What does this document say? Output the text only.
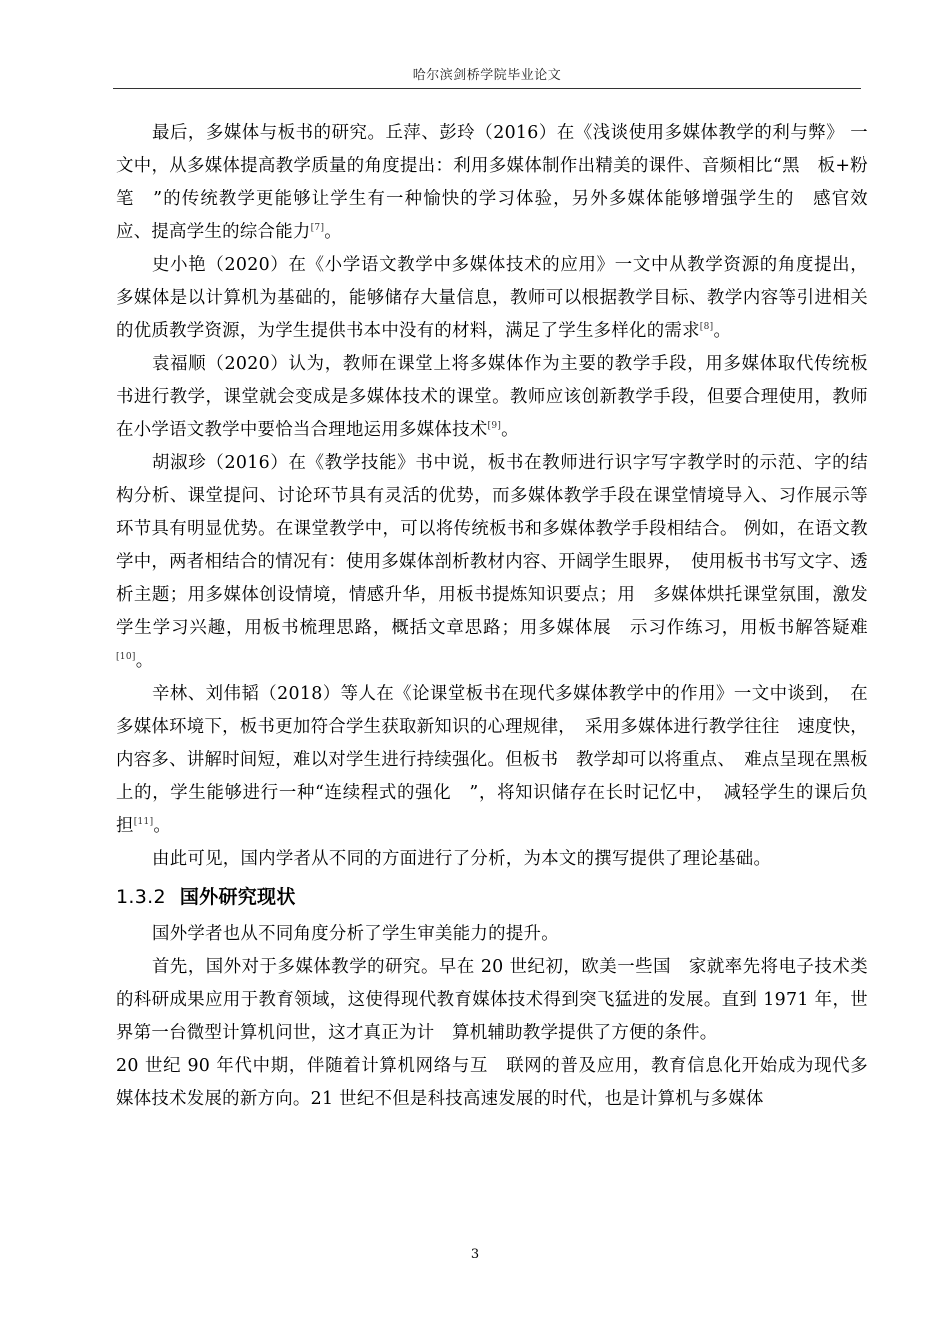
哈尔滨剑桥学院毕业论文

最后，多媒体与板书的研究。丘萍、彭玲（2016）在《浅谈使用多媒体教学的利与弊》 一文中，从多媒体提高教学质量的角度提出：利用多媒体制作出精美的课件、音频相比“黑　板+粉笔　”的传统教学更能够让学生有一种愉快的学习体验，另外多媒体能够增强学生的　感官效应、提高学生的综合能力[7]。

史小艳（2020）在《小学语文教学中多媒体技术的应用》一文中从教学资源的角度提出，多媒体是以计算机为基础的，能够储存大量信息，教师可以根据教学目标、教学内容等引进相关的优质教学资源，为学生提供书本中没有的材料，满足了学生多样化的需求[8]。

袁福顺（2020）认为，教师在课堂上将多媒体作为主要的教学手段，用多媒体取代传统板书进行教学，课堂就会变成是多媒体技术的课堂。教师应该创新教学手段，但要合理使用，教师在小学语文教学中要恰当合理地运用多媒体技术[9]。

胡淑珍（2016）在《教学技能》书中说，板书在教师进行识字写字教学时的示范、字的结构分析、课堂提问、讨论环节具有灵活的优势，而多媒体教学手段在课堂情境导入、习作展示等环节具有明显优势。在课堂教学中，可以将传统板书和多媒体教学手段相结合。 例如，在语文教学中，两者相结合的情况有：使用多媒体剖析教材内容、开阔学生眼界，　使用板书书写文字、透析主题；用多媒体创设情境，情感升华，用板书提炼知识要点；用　多媒体烘托课堂氛围，激发学生学习兴趣，用板书梳理思路，概括文章思路；用多媒体展　示习作练习，用板书解答疑难[10]。

辛林、刘伟韬（2018）等人在《论课堂板书在现代多媒体教学中的作用》一文中谈到，　在多媒体环境下，板书更加符合学生获取新知识的心理规律，　采用多媒体进行教学往往　速度快，内容多、讲解时间短，难以对学生进行持续强化。但板书　教学却可以将重点、　难点呈现在黑板上的，学生能够进行一种“连续程式的强化　”，将知识储存在长时记忆中，　减轻学生的课后负担[11]。

由此可见，国内学者从不同的方面进行了分析，为本文的撰写提供了理论基础。

1.3.2 国外研究现状

国外学者也从不同角度分析了学生审美能力的提升。

首先，国外对于多媒体教学的研究。早在 20 世纪初，欧美一些国　家就率先将电子技术类的科研成果应用于教育领域，这使得现代教育媒体技术得到突飞猛进的发展。直到 1971 年，世界第一台微型计算机问世，这才真正为计　算机辅助教学提供了方便的条件。

20 世纪 90 年代中期，伴随着计算机网络与互　联网的普及应用，教育信息化开始成为现代多媒体技术发展的新方向。21 世纪不但是科技高速发展的时代，也是计算机与多媒体

3
